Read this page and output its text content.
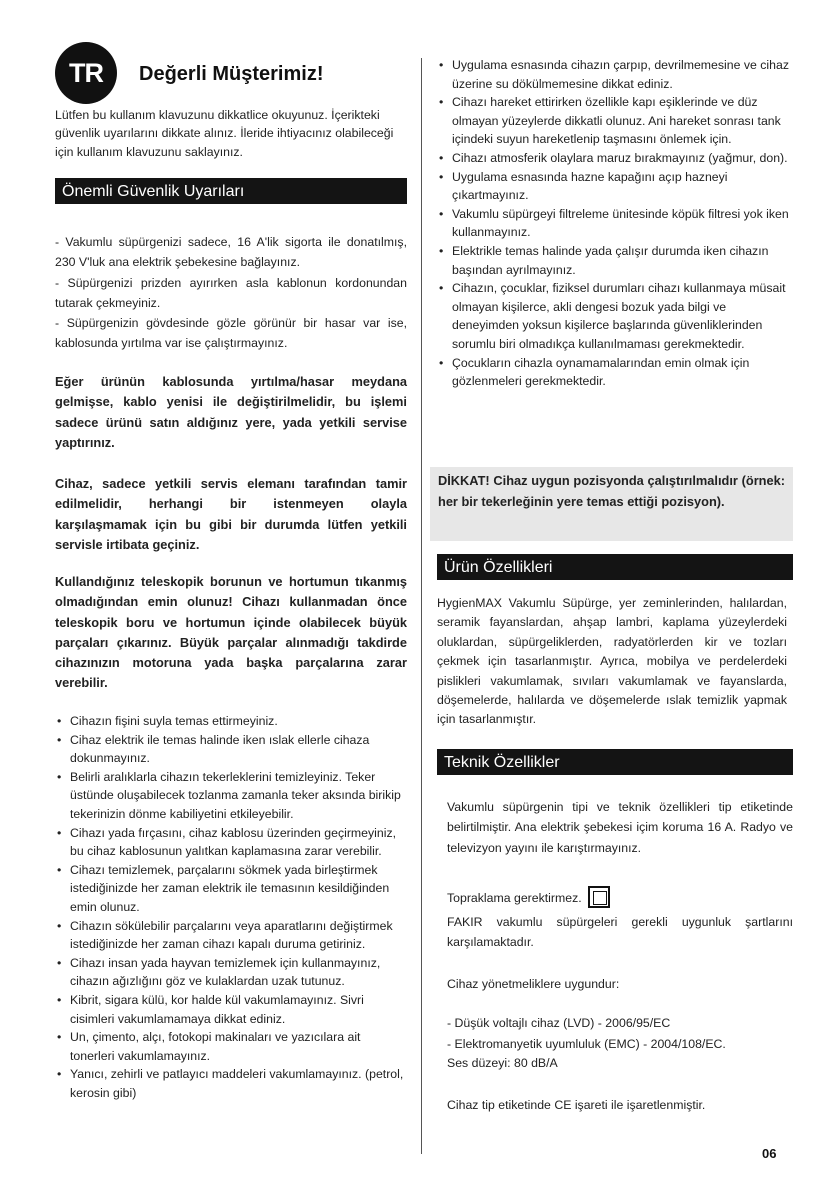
TR	Değerli Müşterimiz!
Lütfen bu kullanım klavuzunu dikkatlice okuyunuz. İçerikteki güvenlik uyarılarını dikkate alınız. İleride ihtiyacınız olabileceği için kullanım klavuzunu saklayınız.
Önemli Güvenlik Uyarıları
- Vakumlu süpürgenizi sadece, 16 A'lik sigorta ile donatılmış, 230 V'luk ana elektrik şebekesine bağlayınız.
- Süpürgenizi prizden ayırırken asla kablonun kordonundan tutarak çekmeyiniz.
- Süpürgenizin gövdesinde gözle görünür bir hasar var ise, kablosunda yırtılma var ise çalıştırmayınız.
Eğer ürünün kablosunda yırtılma/hasar meydana gelmişse, kablo yenisi ile değiştirilmelidir, bu işlemi sadece ürünü satın aldığınız yere, yada yetkili servise yaptırınız.
Cihaz, sadece yetkili servis elemanı tarafından tamir edilmelidir, herhangi bir istenmeyen olayla karşılaşmamak için bu gibi bir durumda lütfen yetkili servisle irtibata geçiniz.
Kullandığınız teleskopik borunun ve hortumun tıkanmış olmadığından emin olunuz! Cihazı kullanmadan önce teleskopik boru ve hortumun içinde olabilecek büyük parçaları çıkarınız. Büyük parçalar alınmadığı takdirde cihazınızın motoruna yada başka parçalarına zarar verebilir.
• Cihazın fişini suyla temas ettirmeyiniz.
• Cihaz elektrik ile temas halinde iken ıslak ellerle cihaza dokunmayınız.
• Belirli aralıklarla cihazın tekerleklerini temizleyiniz. Teker üstünde oluşabilecek tozlanma zamanla teker aksında birikip tekerinizin dönme kabiliyetini etkileyebilir.
• Cihazı yada fırçasını, cihaz kablosu üzerinden geçirmeyiniz, bu cihaz kablosunun yalıtkan kaplamasına zarar verebilir.
• Cihazı temizlemek, parçalarını sökmek yada birleştirmek istediğinizde her zaman elektrik ile temasının kesildiğinden emin olunuz.
• Cihazın sökülebilir parçalarını veya aparatlarını değiştirmek istediğinizde her zaman cihazı kapalı duruma getiriniz.
• Cihazı insan yada hayvan temizlemek için kullanmayınız, cihazın ağızlığını göz ve kulaklardan uzak tutunuz.
• Kibrit, sigara külü, kor halde kül vakumlamayınız. Sivri cisimleri vakumlamamaya dikkat ediniz.
• Un, çimento, alçı, fotokopi makinaları ve yazıcılara ait tonerleri vakumlamayınız.
• Yanıcı, zehirli ve patlayıcı maddeleri vakumlamayınız. (petrol, kerosin gibi)
• Uygulama esnasında cihazın çarpıp, devrilmemesine ve cihaz üzerine su dökülmemesine dikkat ediniz.
• Cihazı hareket ettirirken özellikle kapı eşiklerinde ve düz olmayan yüzeylerde dikkatli olunuz. Ani hareket sonrası tank içindeki suyun hareketlenip taşmasını önlemek için.
• Cihazı atmosferik olaylara maruz bırakmayınız (yağmur, don).
• Uygulama esnasında hazne kapağını açıp hazneyi çıkartmayınız.
• Vakumlu süpürgeyi filtreleme ünitesinde köpük filtresi yok iken kullanmayınız.
• Elektrikle temas halinde yada çalışır durumda iken cihazın başından ayrılmayınız.
• Cihazın, çocuklar, fiziksel durumları cihazı kullanmaya müsait olmayan kişilerce, akli dengesi bozuk yada bilgi ve deneyimden yoksun kişilerce başlarında güvenliklerinden sorumlu biri olmadıkça kullanılmaması gerekmektedir.
• Çocukların cihazla oynamamalarından emin olmak için gözlenmeleri gerekmektedir.
DİKKAT! Cihaz uygun pozisyonda çalıştırılmalıdır (örnek: her bir tekerleğinin yere temas ettiği pozisyon).
Ürün Özellikleri
HygienMAX Vakumlu Süpürge, yer zeminlerinden, halılardan, seramik fayanslardan, ahşap lambri, kaplama yüzeylerdeki oluklardan, süpürgeliklerden, radyatörlerden kir ve tozları çekmek için tasarlanmıştır. Ayrıca, mobilya ve perdelerdeki pislikleri vakumlamak, sıvıları vakumlamak ve fayanslarda, döşemelerde, halılarda ve döşemelerde ıslak temizlik yapmak için tasarlanmıştır.
Teknik Özellikler
Vakumlu süpürgenin tipi ve teknik özellikleri tip etiketinde belirtilmiştir. Ana elektrik şebekesi içim koruma 16 A. Radyo ve televizyon yayını ile karıştırmayınız.
Topraklama gerektirmez.
FAKIR vakumlu süpürgeleri gerekli uygunluk şartlarını karşılamaktadır.
Cihaz yönetmeliklere uygundur:
- Düşük voltajlı cihaz (LVD) - 2006/95/EC
- Elektromanyetik uyumluluk (EMC) - 2004/108/EC.
Ses düzeyi: 80 dB/A
Cihaz tip etiketinde CE işareti ile işaretlenmiştir.
06
